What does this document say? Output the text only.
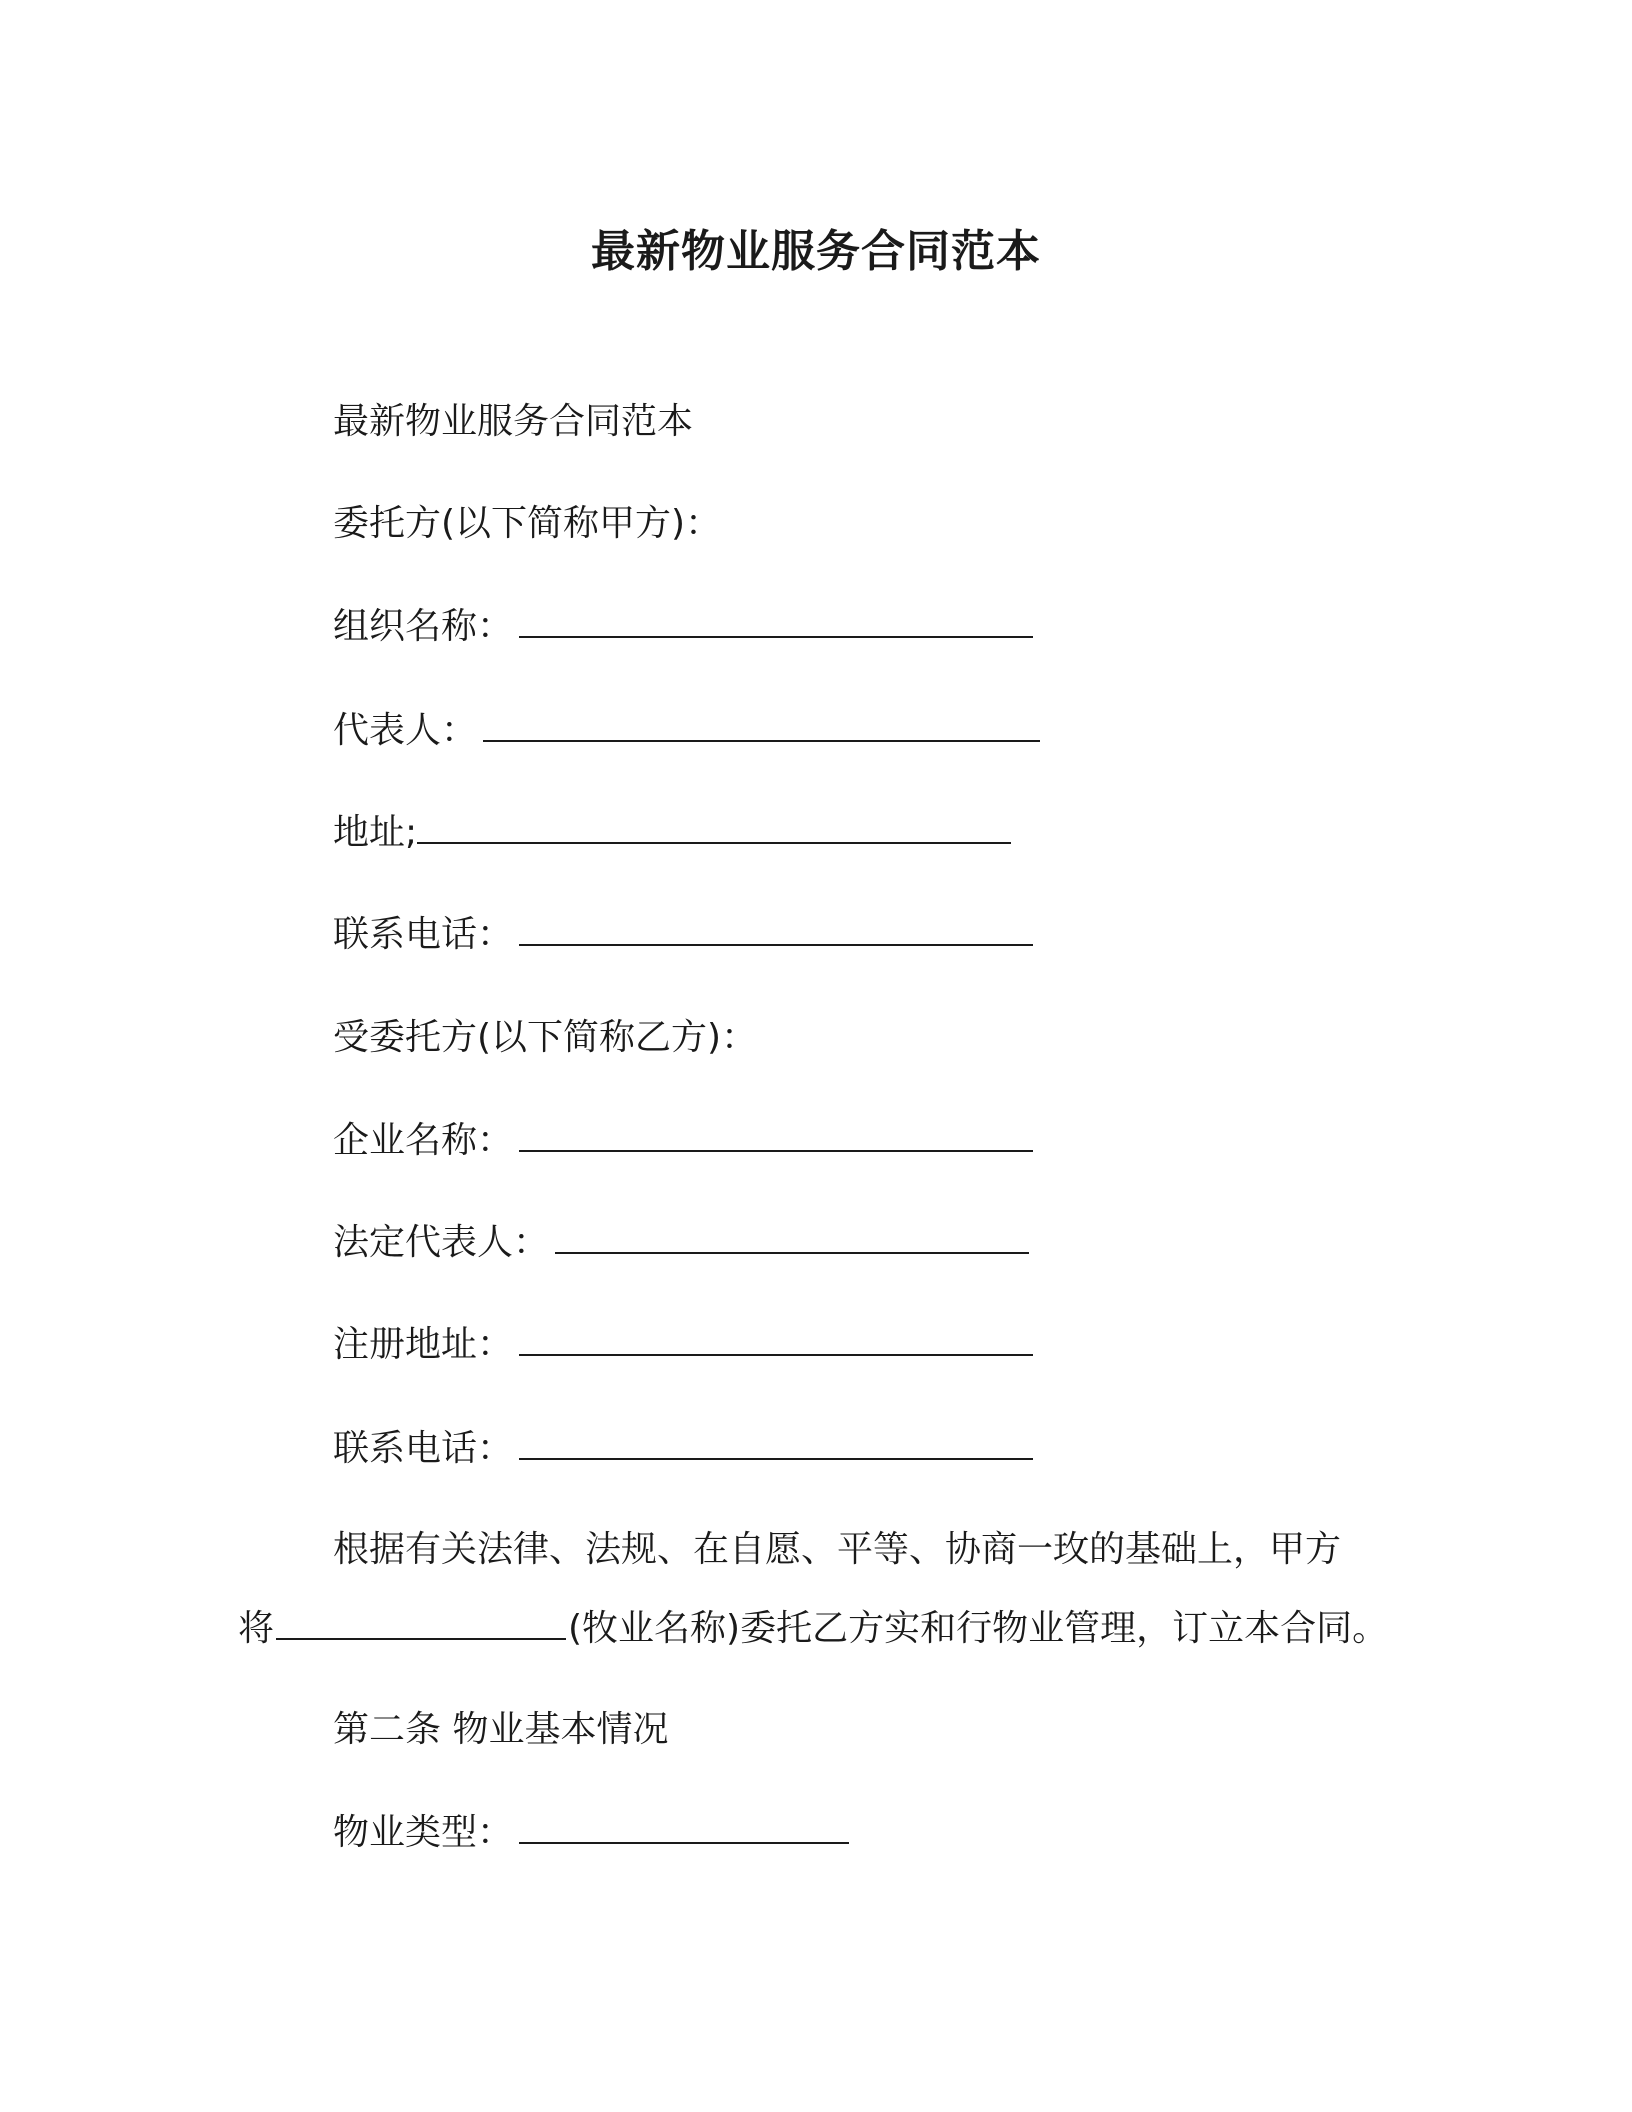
最新物业服务合同范本
最新物业服务合同范本
委托方(以下简称甲方)：
组织名称：
代表人：
地址;
联系电话：
受委托方(以下简称乙方)：
企业名称：
法定代表人：
注册地址：
联系电话：
根据有关法律、法规、在自愿、平等、协商一玫的基础上，甲方
将	(牧业名称)委托乙方实和行物业管理，订立本合同。
第二条 物业基本情况
物业类型：
